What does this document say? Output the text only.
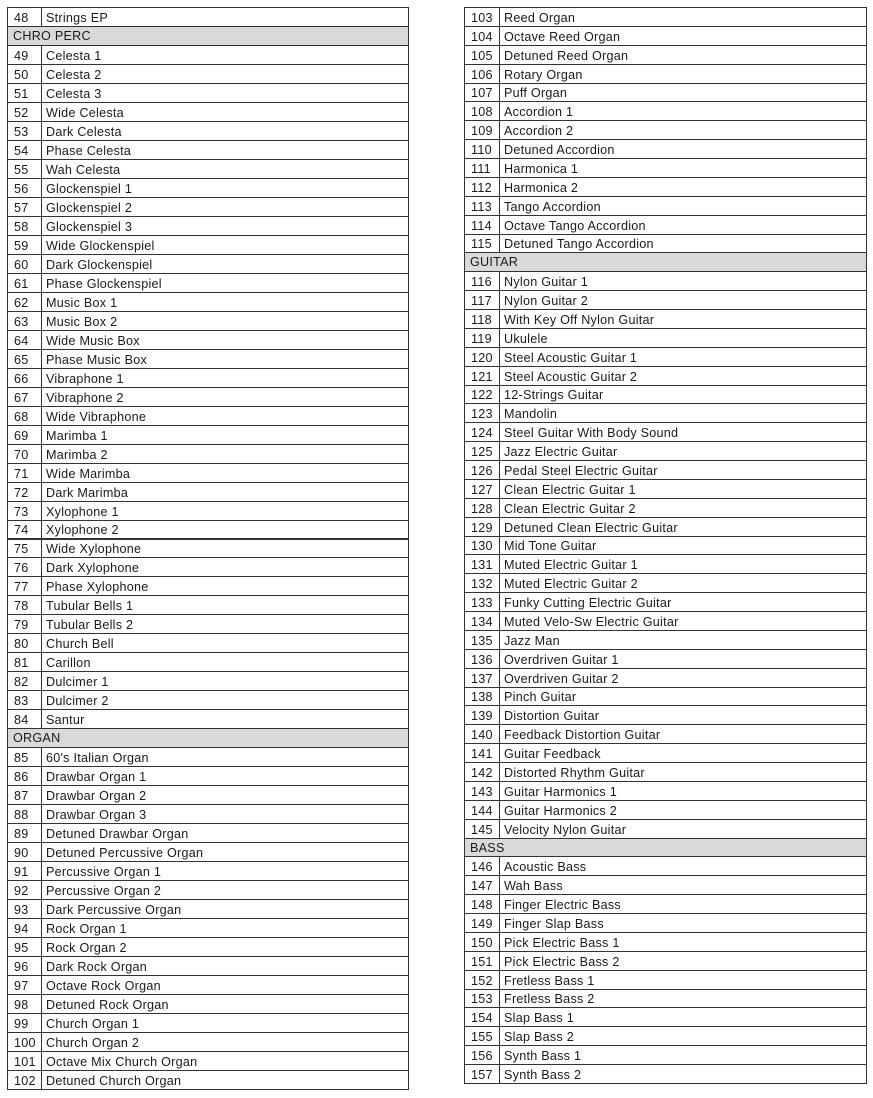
48	Strings EP
CHRO PERC
49	Celesta 1
50	Celesta 2
51	Celesta 3
52	Wide Celesta
53	Dark Celesta
54	Phase Celesta
55	Wah Celesta
56	Glockenspiel 1
57	Glockenspiel 2
58	Glockenspiel 3
59	Wide Glockenspiel
60	Dark Glockenspiel
61	Phase Glockenspiel
62	Music Box 1
63	Music Box 2
64	Wide Music Box
65	Phase Music Box
66	Vibraphone 1
67	Vibraphone 2
68	Wide Vibraphone
69	Marimba 1
70	Marimba 2
71	Wide Marimba
72	Dark Marimba
73	Xylophone 1
74	Xylophone 2
75	Wide Xylophone
76	Dark Xylophone
77	Phase Xylophone
78	Tubular Bells 1
79	Tubular Bells 2
80	Church Bell
81	Carillon
82	Dulcimer 1
83	Dulcimer 2
84	Santur
ORGAN
85	60's Italian Organ
86	Drawbar Organ 1
87	Drawbar Organ 2
88	Drawbar Organ 3
89	Detuned Drawbar Organ
90	Detuned Percussive Organ
91	Percussive Organ 1
92	Percussive Organ 2
93	Dark Percussive Organ
94	Rock Organ 1
95	Rock Organ 2
96	Dark Rock Organ
97	Octave Rock Organ
98	Detuned Rock Organ
99	Church Organ 1
100 Church Organ 2
101 Octave Mix Church Organ
102 Detuned Church Organ
103 Reed Organ
104 Octave Reed Organ
105 Detuned Reed Organ
106 Rotary Organ
107 Puff Organ
108 Accordion 1
109 Accordion 2
110 Detuned Accordion
111	Harmonica 1
112 Harmonica 2
113 Tango Accordion
114 Octave Tango Accordion
115 Detuned Tango Accordion
GUITAR
116 Nylon Guitar 1
117 Nylon Guitar 2
118 With Key Off Nylon Guitar
119 Ukulele
120 Steel Acoustic Guitar 1
121 Steel Acoustic Guitar 2
122 12-Strings Guitar
123 Mandolin
124 Steel Guitar With Body Sound
125 Jazz Electric Guitar
126 Pedal Steel Electric Guitar
127 Clean Electric Guitar 1
128 Clean Electric Guitar 2
129 Detuned Clean Electric Guitar
130 Mid Tone Guitar
131 Muted Electric Guitar 1
132 Muted Electric Guitar 2
133 Funky Cutting Electric Guitar
134 Muted Velo-Sw Electric Guitar
135 Jazz Man
136 Overdriven Guitar 1
137 Overdriven Guitar 2
138 Pinch Guitar
139 Distortion Guitar
140 Feedback Distortion Guitar
141 Guitar Feedback
142 Distorted Rhythm Guitar
143 Guitar Harmonics 1
144 Guitar Harmonics 2
145 Velocity Nylon Guitar
BASS
146 Acoustic Bass
147 Wah Bass
148 Finger Electric Bass
149 Finger Slap Bass
150 Pick Electric Bass 1
151 Pick Electric Bass 2
152 Fretless Bass 1
153 Fretless Bass 2
154 Slap Bass 1
155 Slap Bass 2
156 Synth Bass 1
157 Synth Bass 2
